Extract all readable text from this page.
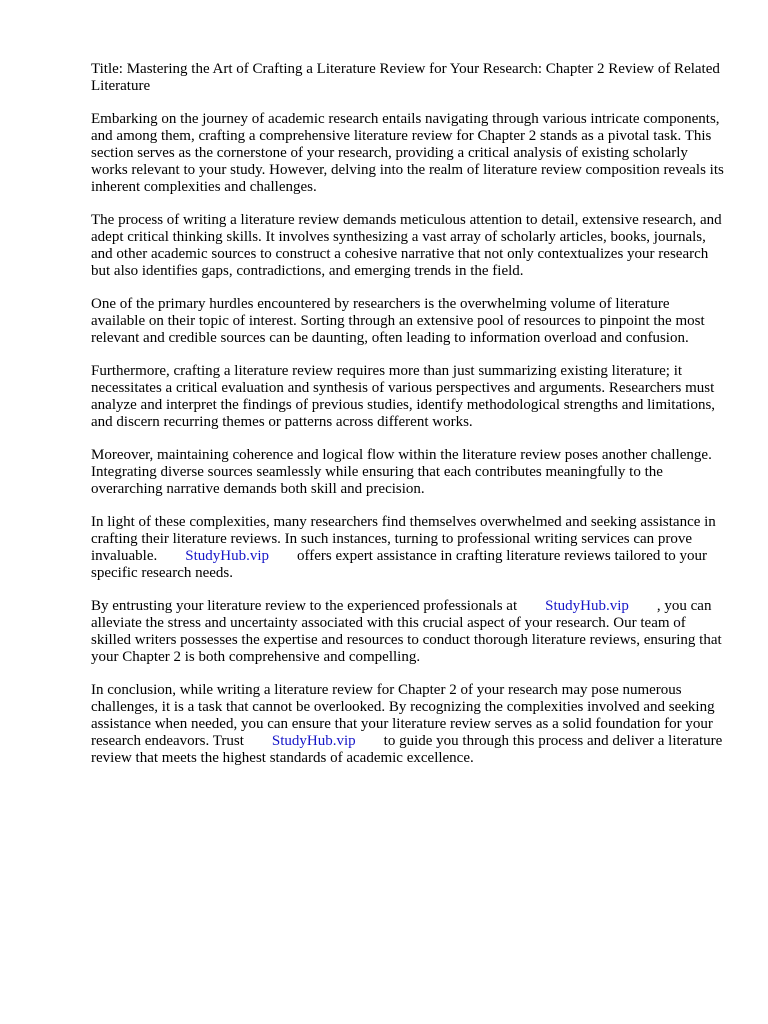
Title: Mastering the Art of Crafting a Literature Review for Your Research: Chapter 2 Review of Related Literature

Embarking on the journey of academic research entails navigating through various intricate components, and among them, crafting a comprehensive literature review for Chapter 2 stands as a pivotal task. This section serves as the cornerstone of your research, providing a critical analysis of existing scholarly works relevant to your study. However, delving into the realm of literature review composition reveals its inherent complexities and challenges.

The process of writing a literature review demands meticulous attention to detail, extensive research, and adept critical thinking skills. It involves synthesizing a vast array of scholarly articles, books, journals, and other academic sources to construct a cohesive narrative that not only contextualizes your research but also identifies gaps, contradictions, and emerging trends in the field.

One of the primary hurdles encountered by researchers is the overwhelming volume of literature available on their topic of interest. Sorting through an extensive pool of resources to pinpoint the most relevant and credible sources can be daunting, often leading to information overload and confusion.

Furthermore, crafting a literature review requires more than just summarizing existing literature; it necessitates a critical evaluation and synthesis of various perspectives and arguments. Researchers must analyze and interpret the findings of previous studies, identify methodological strengths and limitations, and discern recurring themes or patterns across different works.

Moreover, maintaining coherence and logical flow within the literature review poses another challenge. Integrating diverse sources seamlessly while ensuring that each contributes meaningfully to the overarching narrative demands both skill and precision.

In light of these complexities, many researchers find themselves overwhelmed and seeking assistance in crafting their literature reviews. In such instances, turning to professional writing services can prove invaluable. StudyHub.vip offers expert assistance in crafting literature reviews tailored to your specific research needs.

By entrusting your literature review to the experienced professionals at StudyHub.vip , you can alleviate the stress and uncertainty associated with this crucial aspect of your research. Our team of skilled writers possesses the expertise and resources to conduct thorough literature reviews, ensuring that your Chapter 2 is both comprehensive and compelling.

In conclusion, while writing a literature review for Chapter 2 of your research may pose numerous challenges, it is a task that cannot be overlooked. By recognizing the complexities involved and seeking assistance when needed, you can ensure that your literature review serves as a solid foundation for your research endeavors. Trust StudyHub.vip to guide you through this process and deliver a literature review that meets the highest standards of academic excellence.
